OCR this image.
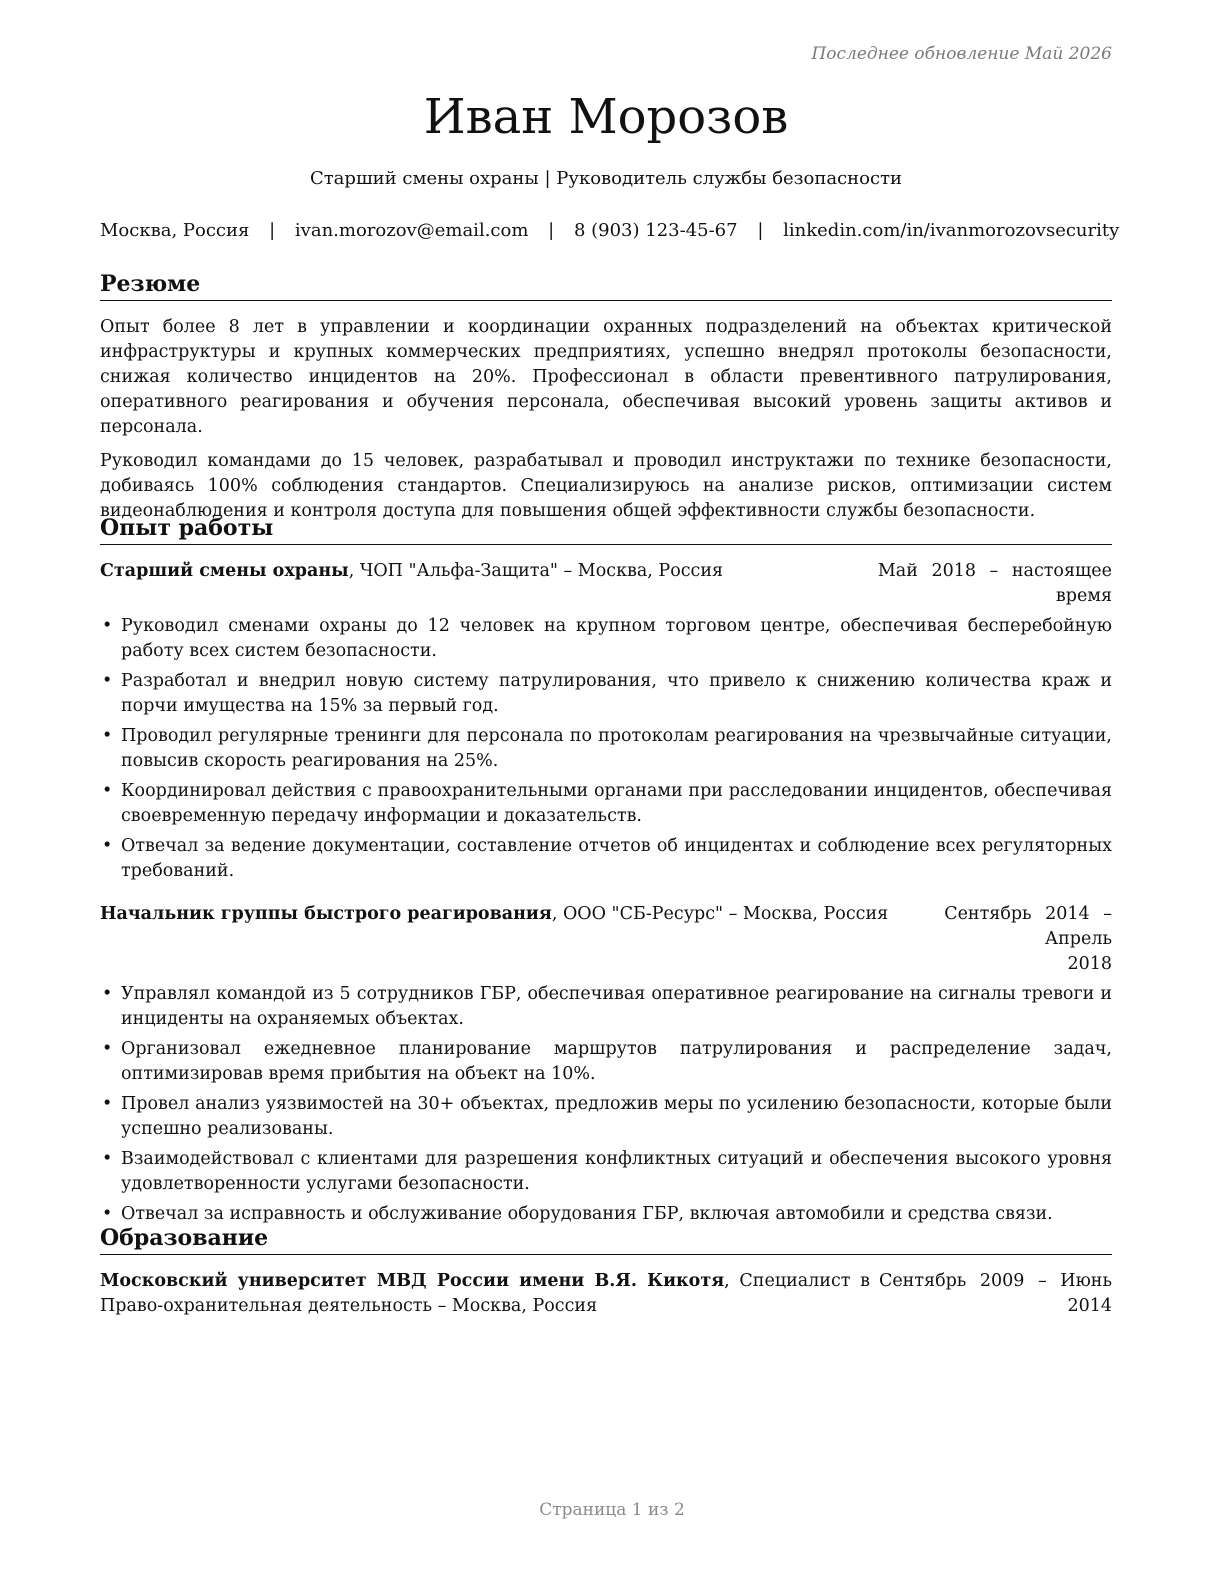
Последнее обновление Май 2026
Иван Морозов
Старший смены охраны | Руководитель службы безопасности
Москва, Россия | ivan.morozov@email.com | 8 (903) 123-45-67 | linkedin.com/in/ivanmorozovsecurity
Резюме

Опыт более 8 лет в управлении и координации охранных подразделений на объектах критической инфраструктуры и крупных коммерческих предприятиях, успешно внедрял протоколы безопасности, снижая количество инцидентов на 20%. Профессионал в области превентивного патрулирования, оперативного реагирования и обучения персонала, обеспечивая высокий уровень защиты активов и персонала.

Руководил командами до 15 человек, разрабатывал и проводил инструктажи по технике безопасности, добиваясь 100% соблюдения стандартов. Специализируюсь на анализе рисков, оптимизации систем видеонаблюдения и контроля доступа для повышения общей эффективности службы безопасности.

Опыт работы
Старший смены охраны, ЧОП "Альфа-Защита" – Москва, Россия	Май 2018 – настоящее
время
• Руководил сменами охраны до 12 человек на крупном торговом центре, обеспечивая бесперебойную работу всех систем безопасности.
• Разработал и внедрил новую систему патрулирования, что привело к снижению количества краж и порчи имущества на 15% за первый год.
• Проводил регулярные тренинги для персонала по протоколам реагирования на чрезвычайные ситуации, повысив скорость реагирования на 25%.
• Координировал действия с правоохранительными органами при расследовании инцидентов, обеспечивая своевременную передачу информации и доказательств.
• Отвечал за ведение документации, составление отчетов об инцидентах и соблюдение всех регуляторных требований.
Начальник группы быстрого реагирования, ООО "СБ-Ресурс" – Москва, Россия	Сентябрь 2014 – Апрель
2018
• Управлял командой из 5 сотрудников ГБР, обеспечивая оперативное реагирование на сигналы тревоги и инциденты на охраняемых объектах.
• Организовал ежедневное планирование маршрутов патрулирования и распределение задач, оптимизировав время прибытия на объект на 10%.
• Провел анализ уязвимостей на 30+ объектах, предложив меры по усилению безопасности, которые были успешно реализованы.
• Взаимодействовал с клиентами для разрешения конфликтных ситуаций и обеспечения высокого уровня удовлетворенности услугами безопасности.
• Отвечал за исправность и обслуживание оборудования ГБР, включая автомобили и средства связи.
Образование
Московский университет МВД России имени В.Я. Кикотя, Специалист в Право-охранительная деятельность – Москва, Россия
Сентябрь 2009 – Июнь
2014
Страница 1 из 2
